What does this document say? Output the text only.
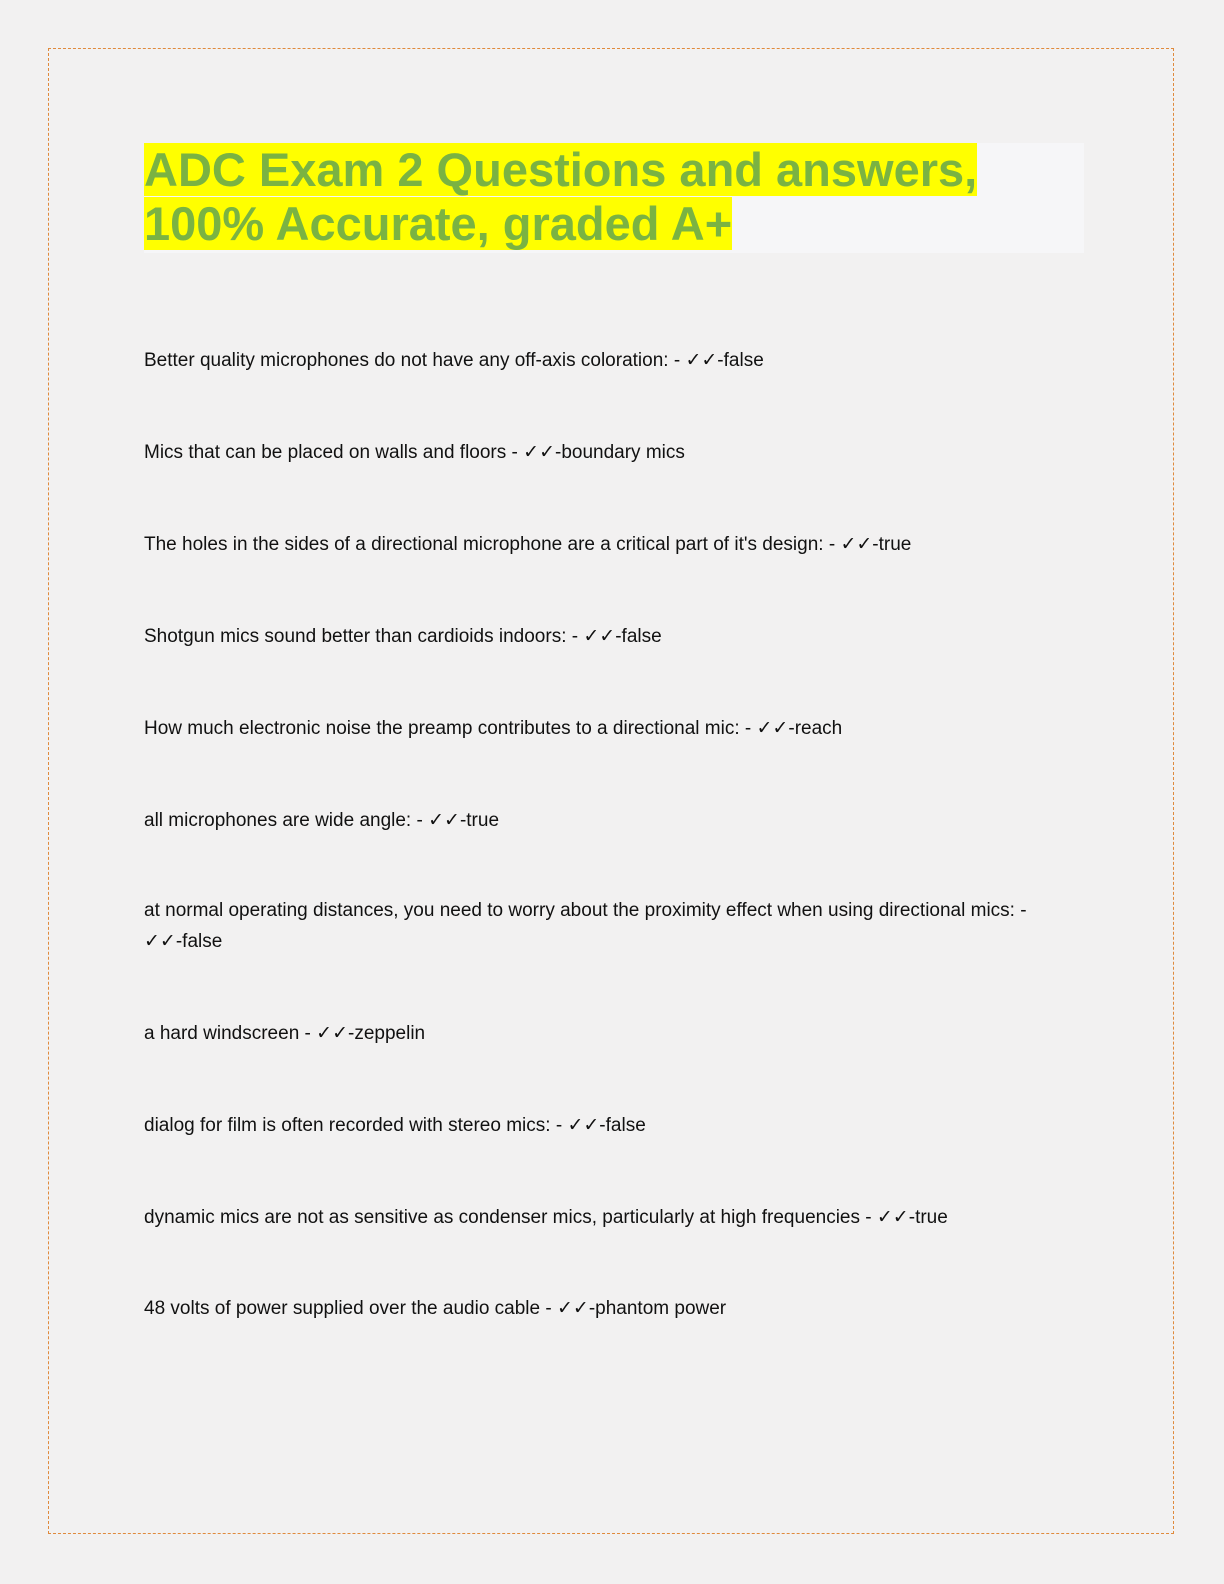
ADC Exam 2 Questions and answers,
100% Accurate, graded A+
Better quality microphones do not have any off-axis coloration: - ✓✓-false
Mics that can be placed on walls and floors - ✓✓-boundary mics
The holes in the sides of a directional microphone are a critical part of it's design: - ✓✓-true
Shotgun mics sound better than cardioids indoors: - ✓✓-false
How much electronic noise the preamp contributes to a directional mic: - ✓✓-reach
all microphones are wide angle: - ✓✓-true
at normal operating distances, you need to worry about the proximity effect when using directional mics: - ✓✓-false
a hard windscreen - ✓✓-zeppelin
dialog for film is often recorded with stereo mics: - ✓✓-false
dynamic mics are not as sensitive as condenser mics, particularly at high frequencies - ✓✓-true
48 volts of power supplied over the audio cable - ✓✓-phantom power
